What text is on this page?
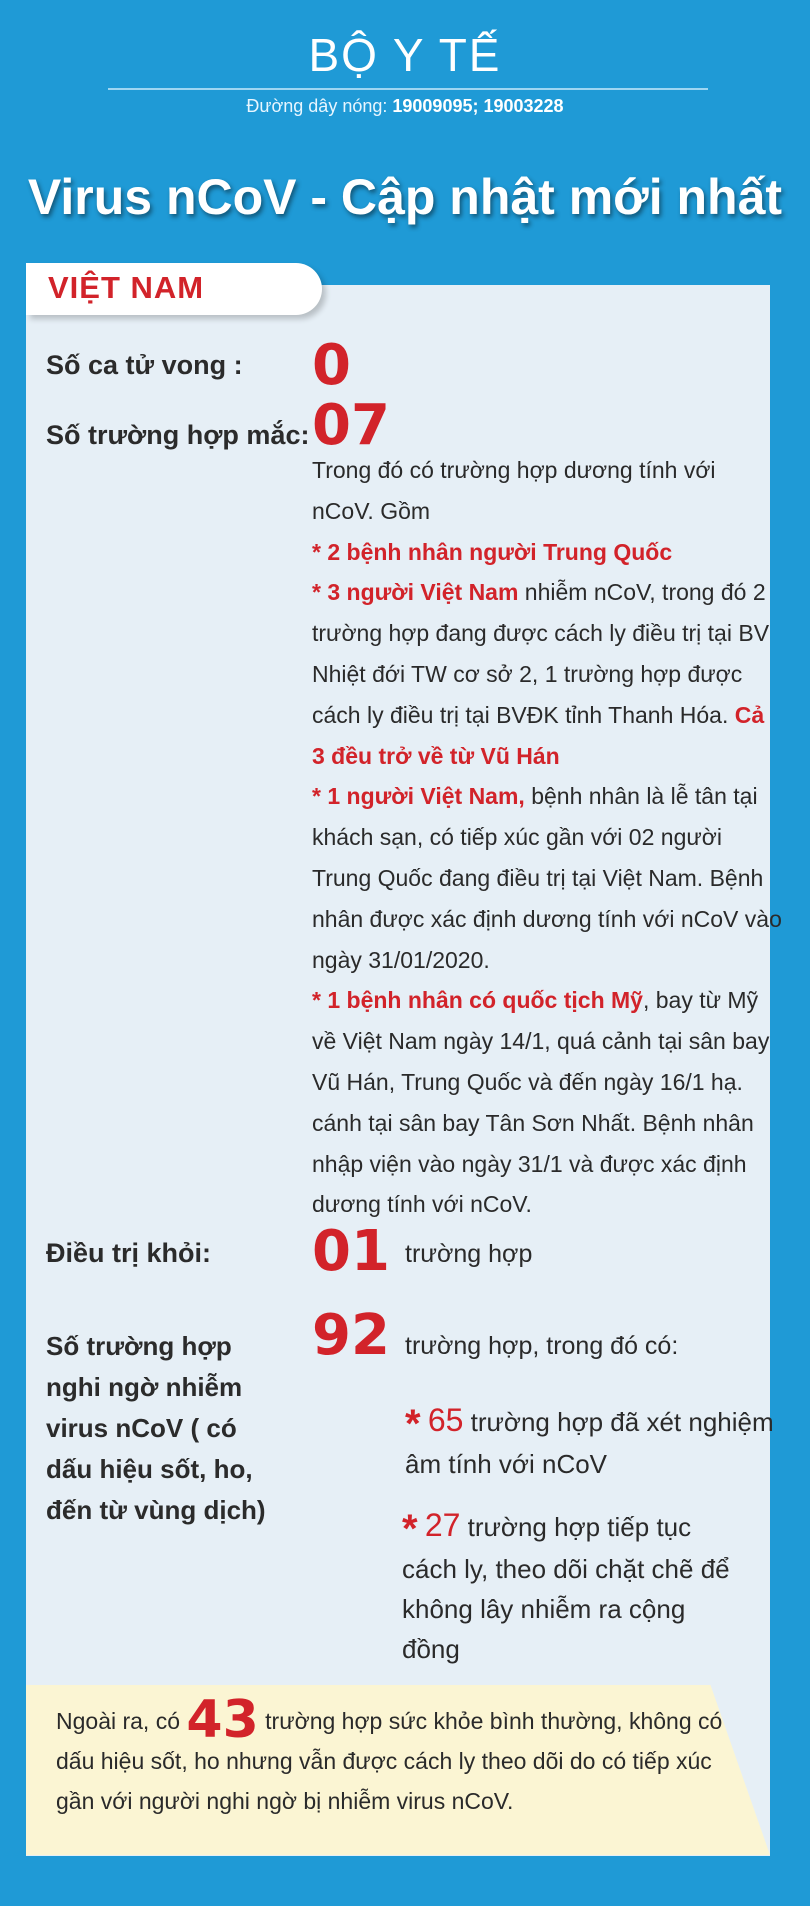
BỘ Y TẾ
Đường dây nóng: 19009095; 19003228
Virus nCoV - Cập nhật mới nhất
VIỆT NAM
Số ca tử vong : 0
Số trường hợp mắc: 07

Trong đó có trường hợp dương tính với nCoV. Gồm

* 2 bệnh nhân người Trung Quốc

* 3 người Việt Nam nhiễm nCoV, trong đó 2 trường hợp đang được cách ly điều trị tại BV Nhiệt đới TW cơ sở 2, 1 trường hợp được cách ly điều trị tại BVĐK tỉnh Thanh Hóa. Cả 3 đều trở về từ Vũ Hán

* 1 người Việt Nam, bệnh nhân là lễ tân tại khách sạn, có tiếp xúc gần với 02 người Trung Quốc đang điều trị tại Việt Nam. Bệnh nhân được xác định dương tính với nCoV vào ngày 31/01/2020.

* 1 bệnh nhân có quốc tịch Mỹ, bay từ Mỹ về Việt Nam ngày 14/1, quá cảnh tại sân bay Vũ Hán, Trung Quốc và đến ngày 16/1 hạ. cánh tại sân bay Tân Sơn Nhất. Bệnh nhân nhập viện vào ngày 31/1 và được xác định dương tính với nCoV.

Điều trị khỏi: 01 trường hợp
Số trường hợp nghi ngờ nhiễm virus nCoV ( có dấu hiệu sốt, ho, đến từ vùng dịch)
92 trường hợp, trong đó có:
* 65 trường hợp đã xét nghiệm âm tính với nCoV
* 27 trường hợp tiếp tục cách ly, theo dõi chặt chẽ để không lây nhiễm ra cộng đồng
Ngoài ra, có 43 trường hợp sức khỏe bình thường, không có dấu hiệu sốt, ho nhưng vẫn được cách ly theo dõi do có tiếp xúc gần với người nghi ngờ bị nhiễm virus nCoV.
